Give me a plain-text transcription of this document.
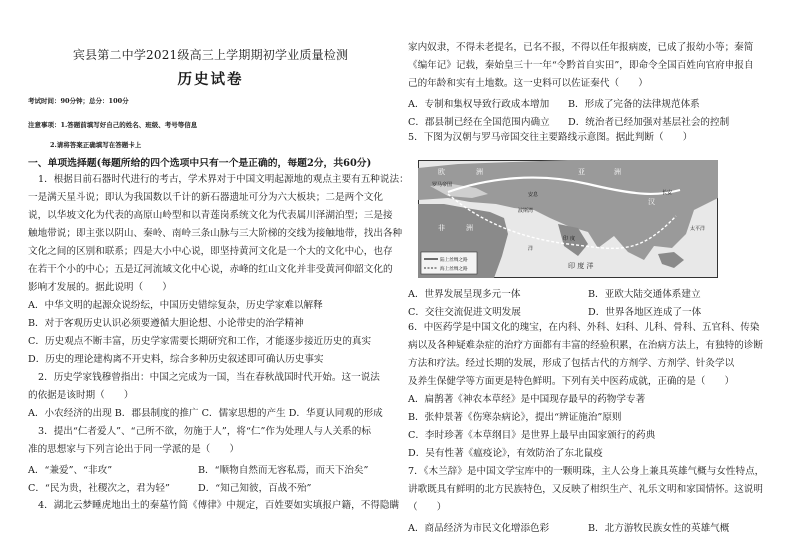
宾县第二中学2021级高三上学期期初学业质量检测
历史试卷
考试时间：90分钟；总分：100分
注意事项：1.答题前填写好自己的姓名、班级、考号等信息
2.请将答案正确填写在答题卡上
一、单项选择题(每题所给的四个选项中只有一个是正确的，每题2分，共60分)
1．根据目前石器时代进行的考古，学术界对于中国文明起源地的观点主要有五种说法：
一是满天星斗说；即认为我国数以千计的新石器遗址可分为六大板块；二是两个文化
说，以华坡文化为代表的高原山岭型和以青莲岗系统文化为代表属川泽湖泊型；三是接
触地带说；即主张以阴山、秦岭、南岭三条山脉与三大阶梯的交线为接触地带，找出各种
文化之间的区别和联系；四是大小中心说，即坚持黄河文化是一个大的文化中心，也存
在若干个小的中心；五是辽河流域文化中心说，赤峰的红山文化并非受黄河仰韶文化的
影响才发展的。据此说明（　　）
A．中华文明的起源众说纷纭，中国历史错综复杂，历史学家难以解释
B．对于客观历史认识必须要遵循大胆论想、小论带史的治学精神
C．历史观点不断丰富，历史学家需要长期研究和工作，才能逐步接近历史的真实
D．历史的理论建构离不开史料，综合多种历史叙述即可确认历史事实
2．历史学家钱穆曾指出：中国之完成为一国，当在春秋战国时代开始。这一说法
的依据是该时期（　　）
A．小农经济的出现 B．郡县制度的推广 C．儒家思想的产生 D．华夏认同观的形成
3．提出“仁者爱人”、“己所不欲，勿施于人”，将“仁”作为处理人与人关系的标
准的思想家与下列言论出于同一学派的是（　　）
A．“兼爱”、“非攻”	B．“顺物自然而无容私焉，而天下治矣”
C．“民为贵，社稷次之，君为轻”	D．“知己知彼，百战不殆”
4．湖北云梦睡虎地出土的秦墓竹简《傅律》中规定，百姓要如实填报户籍，不得隐瞒
家内奴隶，不得未老提名，已名不报，不得以任年报病废，已成了报幼小等；秦简
《编年记》记载，秦始皇三十一年“令黔首自实田”，即命令全国百姓向官府申报自
己的年龄和实有土地数。这一史料可以佐证秦代（　　）
A．专制和集权导致行政成本增加 B．形成了完备的法律规范体系
C．郡县制已经在全国范围内确立 D．统治者已经加强对基层社会的控制
5．下图为汉朝与罗马帝国交往主要路线示意图。据此判断（　　）
欧	洲
罗马帝国
安息
波斯湾
非	洲
亚	洲
印 度
洋
汉
长安
太平洋
印 度 洋
陆上丝绸之路
海上丝绸之路
A．世界发展呈现多元一体	B．亚欧大陆交通体系建立
C．交往交流促进文明发展	D．世界各地区连成了一体
6．中医药学是中国文化的瑰宝，在内科、外科、妇科、儿科、骨科、五官科、传染
病以及各种疑难杂症的治疗方面都有丰富的经验积累，在治病方法上，有独特的诊断
方法和疗法。经过长期的发展，形成了包括古代的方剂学、方剂学、针灸学以
及养生保健学等方面更是特色鲜明。下列有关中医药成就，正确的是（　　）
A．扁鹊著《神农本草经》是中国现存最早的药物学专著
B．张仲景著《伤寒杂病论》，提出“辨证施治”原则
C．李时珍著《本草纲目》是世界上最早由国家颁行的药典
D．吴有性著《瘟疫论》，有效防治了东北鼠疫
7．《木兰辞》是中国文学宝库中的一颗明珠，主人公身上兼具英雄气概与女性特点，
讲歌既具有鲜明的北方民族特色，又反映了柑织生产、礼乐文明和家国情怀。这说明
（　　）
A．商品经济为市民文化增添色彩	B．北方游牧民族女性的英雄气概
